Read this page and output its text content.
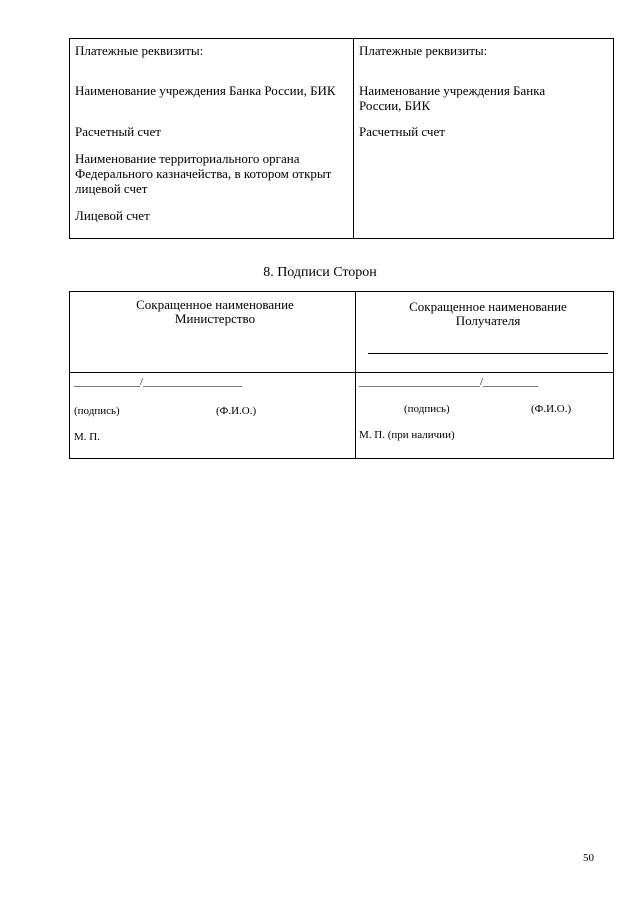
Платежные реквизиты:
Наименование учреждения Банка России, БИК
Расчетный счет
Наименование территориального органа Федерального казначейства, в котором открыт лицевой счет
Лицевой счет
Платежные реквизиты:
Наименование учреждения Банка России, БИК
Расчетный счет
8. Подписи Сторон
Сокращенное наименование Министерство
Сокращенное наименование Получателя
____________/__________________
(подпись)	(Ф.И.О.)
М. П.
______________________/__________
(подпись)	(Ф.И.О.)
М. П. (при наличии)
50
